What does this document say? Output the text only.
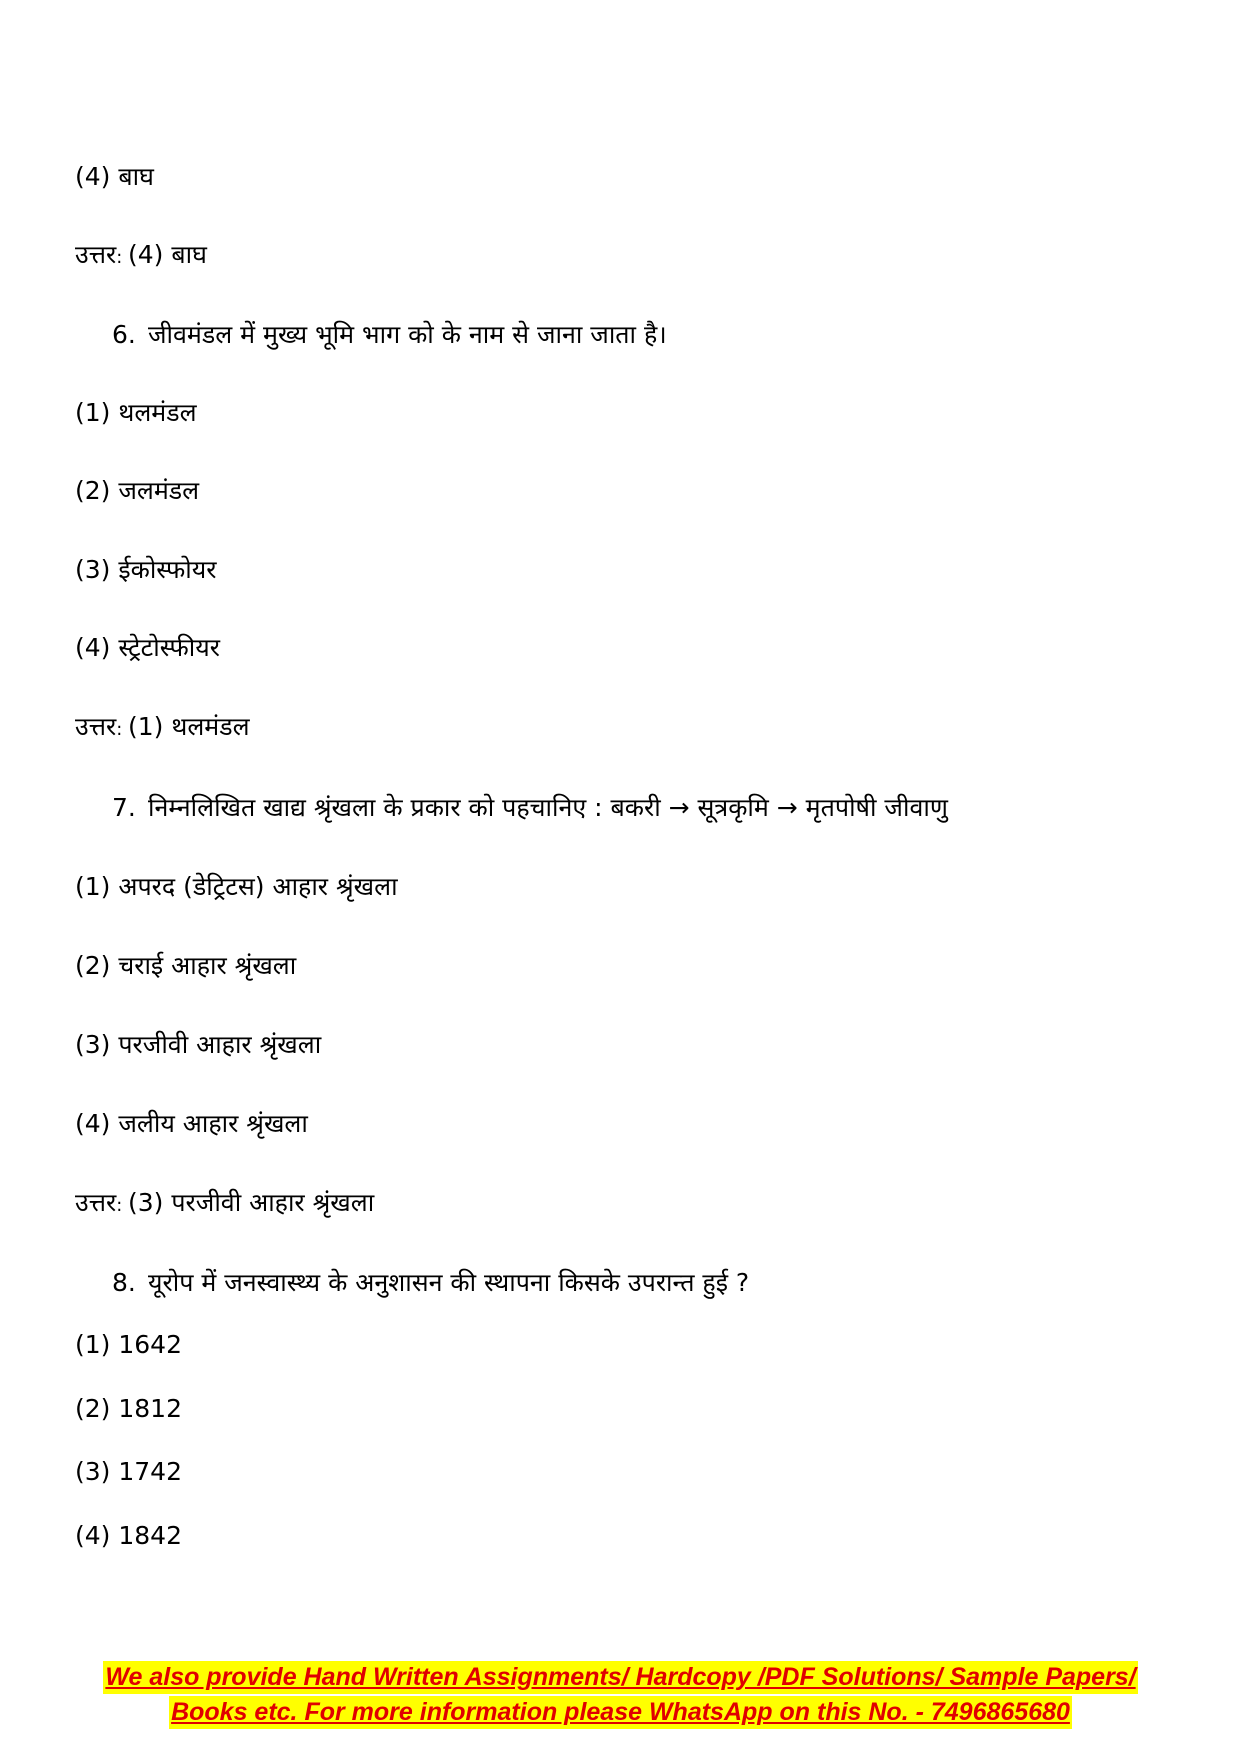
(4) बाघ
उत्तर: (4) बाघ
6. जीवमंडल में मुख्य भूमि भाग को के नाम से जाना जाता है।
(1) थलमंडल
(2) जलमंडल
(3) ईकोस्फोयर
(4) स्ट्रेटोस्फीयर
उत्तर: (1) थलमंडल
7. निम्नलिखित खाद्य श्रृंखला के प्रकार को पहचानिए : बकरी → सूत्रकृमि → मृतपोषी जीवाणु
(1) अपरद (डेट्रिटस) आहार श्रृंखला
(2) चराई आहार श्रृंखला
(3) परजीवी आहार श्रृंखला
(4) जलीय आहार श्रृंखला
उत्तर: (3) परजीवी आहार श्रृंखला
8. यूरोप में जनस्वास्थ्य के अनुशासन की स्थापना किसके उपरान्त हुई ?
(1) 1642
(2) 1812
(3) 1742
(4) 1842
We also provide Hand Written Assignments/ Hardcopy /PDF Solutions/ Sample Papers/
Books etc. For more information please WhatsApp on this No. - 7496865680
